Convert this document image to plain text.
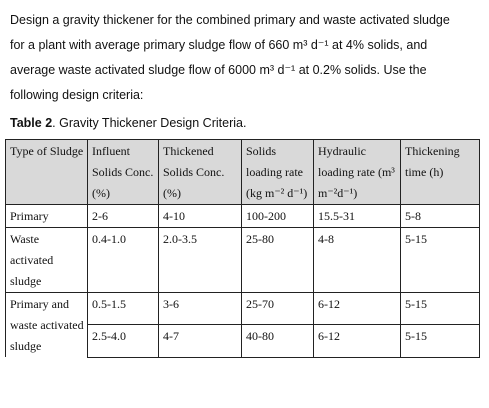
Design a gravity thickener for the combined primary and waste activated sludge
for a plant with average primary sludge flow of 660 m³ d⁻¹ at 4% solids, and
average waste activated sludge flow of 6000 m³ d⁻¹ at 0.2% solids. Use the
following design criteria:

Table 2. Gravity Thickener Design Criteria.

Type of Sludge	Influent Solids Conc. (%)	Thickened Solids Conc. (%)	Solids loading rate (kg m⁻² d⁻¹)	Hydraulic loading rate (m³ m⁻²d⁻¹)	Thickening time (h)
Primary	2-6	4-10	100-200	15.5-31	5-8
Waste activated sludge	0.4-1.0	2.0-3.5	25-80	4-8	5-15
Primary and waste activated sludge	0.5-1.5	3-6	25-70	6-12	5-15
	2.5-4.0	4-7	40-80	6-12	5-15
